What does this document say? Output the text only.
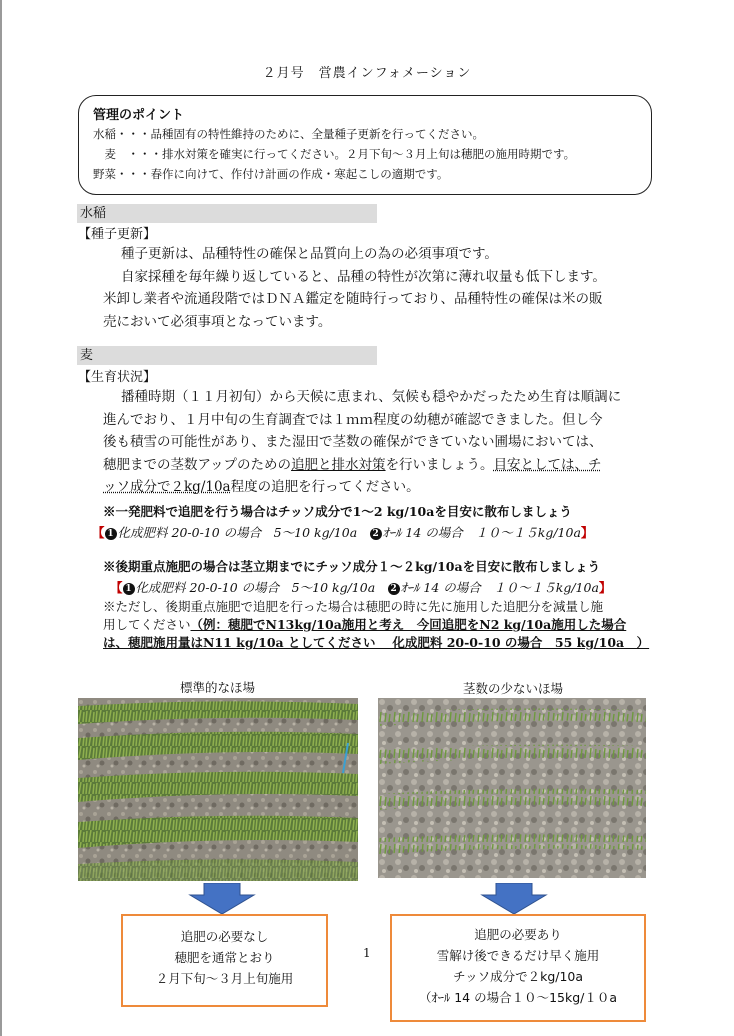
２月号　営農インフォメーション
管理のポイント
水稲・・・品種固有の特性維持のために、全量種子更新を行ってください。
　麦　・・・排水対策を確実に行ってください。２月下旬～３月上旬は穂肥の施用時期です。
野菜・・・春作に向けて、作付け計画の作成・寒起こしの適期です。
水稲
【種子更新】

種子更新は、品種特性の確保と品質向上の為の必須事項です。

自家採種を毎年繰り返していると、品種の特性が次第に薄れ収量も低下します。

米卸し業者や流通段階ではＤＮＡ鑑定を随時行っており、品種特性の確保は米の販

売において必須事項となっています。

麦
【生育状況】

播種時期（１１月初旬）から天候に恵まれ、気候も穏やかだったため生育は順調に

進んでおり、１月中旬の生育調査では１ｍｍ程度の幼穂が確認できました。但し今

後も積雪の可能性があり、また湿田で茎数の確保ができていない圃場においては、

穂肥までの茎数アップのための追肥と排水対策を行いましょう。目安としては、チ

ッソ成分で２kg/10a程度の追肥を行ってください。

※一発肥料で追肥を行う場合はチッソ成分で1～2 kg/10aを目安に散布しましょう
【 1 化成肥料 20-0-10 の場合　5～10 kg/10a　2 ｵｰﾙ 14 の場合　１０～１５kg/10a】
※後期重点施肥の場合は茎立期までにチッソ成分１～２kg/10aを目安に散布しましょう
【 1 化成肥料 20-0-10 の場合　5～10 kg/10a　2 ｵｰﾙ 14 の場合　１０～１５kg/10a】

※ただし、後期重点施肥で追肥を行った場合は穂肥の時に先に施用した追肥分を減量し施

用してください（例：穂肥でN13kg/10a施用と考え　今回追肥をN2 kg/10a施用した場合

は、穂肥施用量はN11 kg/10a としてください　 化成肥料 20-0-10 の場合　55 kg/10a　）

標準的なほ場	茎数の少ないほ場

追肥の必要なし

穂肥を通常とおり

２月下旬～３月上旬施用

1

追肥の必要あり

雪解け後できるだけ早く施用

チッソ成分で２kg/10a

（ｵｰﾙ 14 の場合１０～15kg/１０a
